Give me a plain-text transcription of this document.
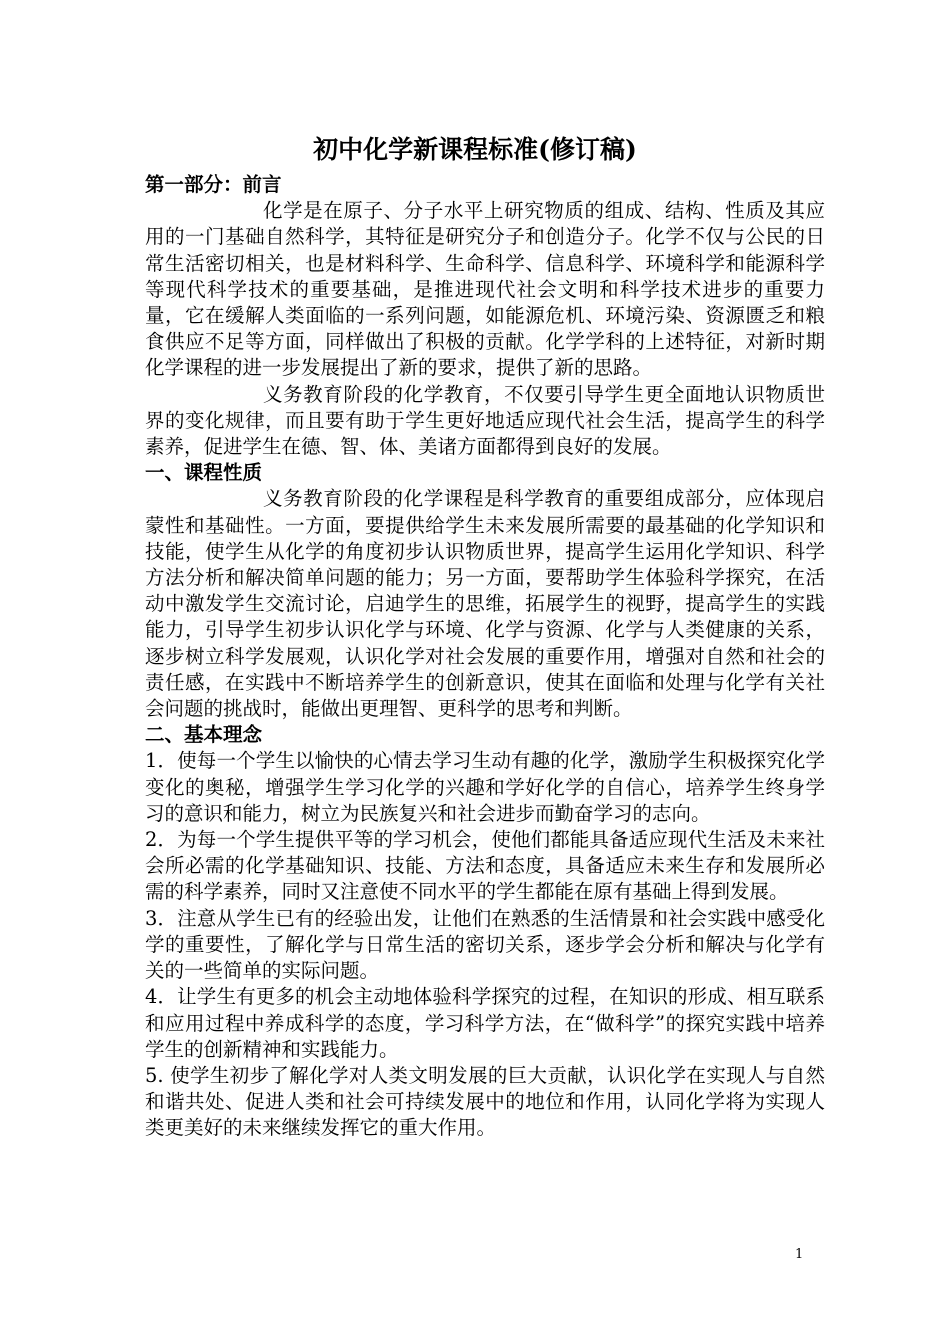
初中化学新课程标准(修订稿)

第一部分：前言

化学是在原子、分子水平上研究物质的组成、结构、性质及其应用的一门基础自然科学，其特征是研究分子和创造分子。化学不仅与公民的日常生活密切相关，也是材料科学、生命科学、信息科学、环境科学和能源科学等现代科学技术的重要基础，是推进现代社会文明和科学技术进步的重要力量，它在缓解人类面临的一系列问题，如能源危机、环境污染、资源匮乏和粮食供应不足等方面，同样做出了积极的贡献。化学学科的上述特征，对新时期化学课程的进一步发展提出了新的要求，提供了新的思路。

义务教育阶段的化学教育，不仅要引导学生更全面地认识物质世界的变化规律，而且要有助于学生更好地适应现代社会生活，提高学生的科学素养，促进学生在德、智、体、美诸方面都得到良好的发展。

一、课程性质

义务教育阶段的化学课程是科学教育的重要组成部分，应体现启蒙性和基础性。一方面，要提供给学生未来发展所需要的最基础的化学知识和技能，使学生从化学的角度初步认识物质世界，提高学生运用化学知识、科学方法分析和解决简单问题的能力；另一方面，要帮助学生体验科学探究，在活动中激发学生交流讨论，启迪学生的思维，拓展学生的视野，提高学生的实践能力，引导学生初步认识化学与环境、化学与资源、化学与人类健康的关系，逐步树立科学发展观，认识化学对社会发展的重要作用，增强对自然和社会的责任感，在实践中不断培养学生的创新意识，使其在面临和处理与化学有关社会问题的挑战时，能做出更理智、更科学的思考和判断。

二、基本理念

1．使每一个学生以愉快的心情去学习生动有趣的化学，激励学生积极探究化学变化的奥秘，增强学生学习化学的兴趣和学好化学的自信心，培养学生终身学习的意识和能力，树立为民族复兴和社会进步而勤奋学习的志向。

2．为每一个学生提供平等的学习机会，使他们都能具备适应现代生活及未来社会所必需的化学基础知识、技能、方法和态度，具备适应未来生存和发展所必需的科学素养，同时又注意使不同水平的学生都能在原有基础上得到发展。

3．注意从学生已有的经验出发，让他们在熟悉的生活情景和社会实践中感受化学的重要性，了解化学与日常生活的密切关系，逐步学会分析和解决与化学有关的一些简单的实际问题。

4．让学生有更多的机会主动地体验科学探究的过程，在知识的形成、相互联系和应用过程中养成科学的态度，学习科学方法，在“做科学”的探究实践中培养学生的创新精神和实践能力。

5. 使学生初步了解化学对人类文明发展的巨大贡献，认识化学在实现人与自然和谐共处、促进人类和社会可持续发展中的地位和作用，认同化学将为实现人类更美好的未来继续发挥它的重大作用。

1
